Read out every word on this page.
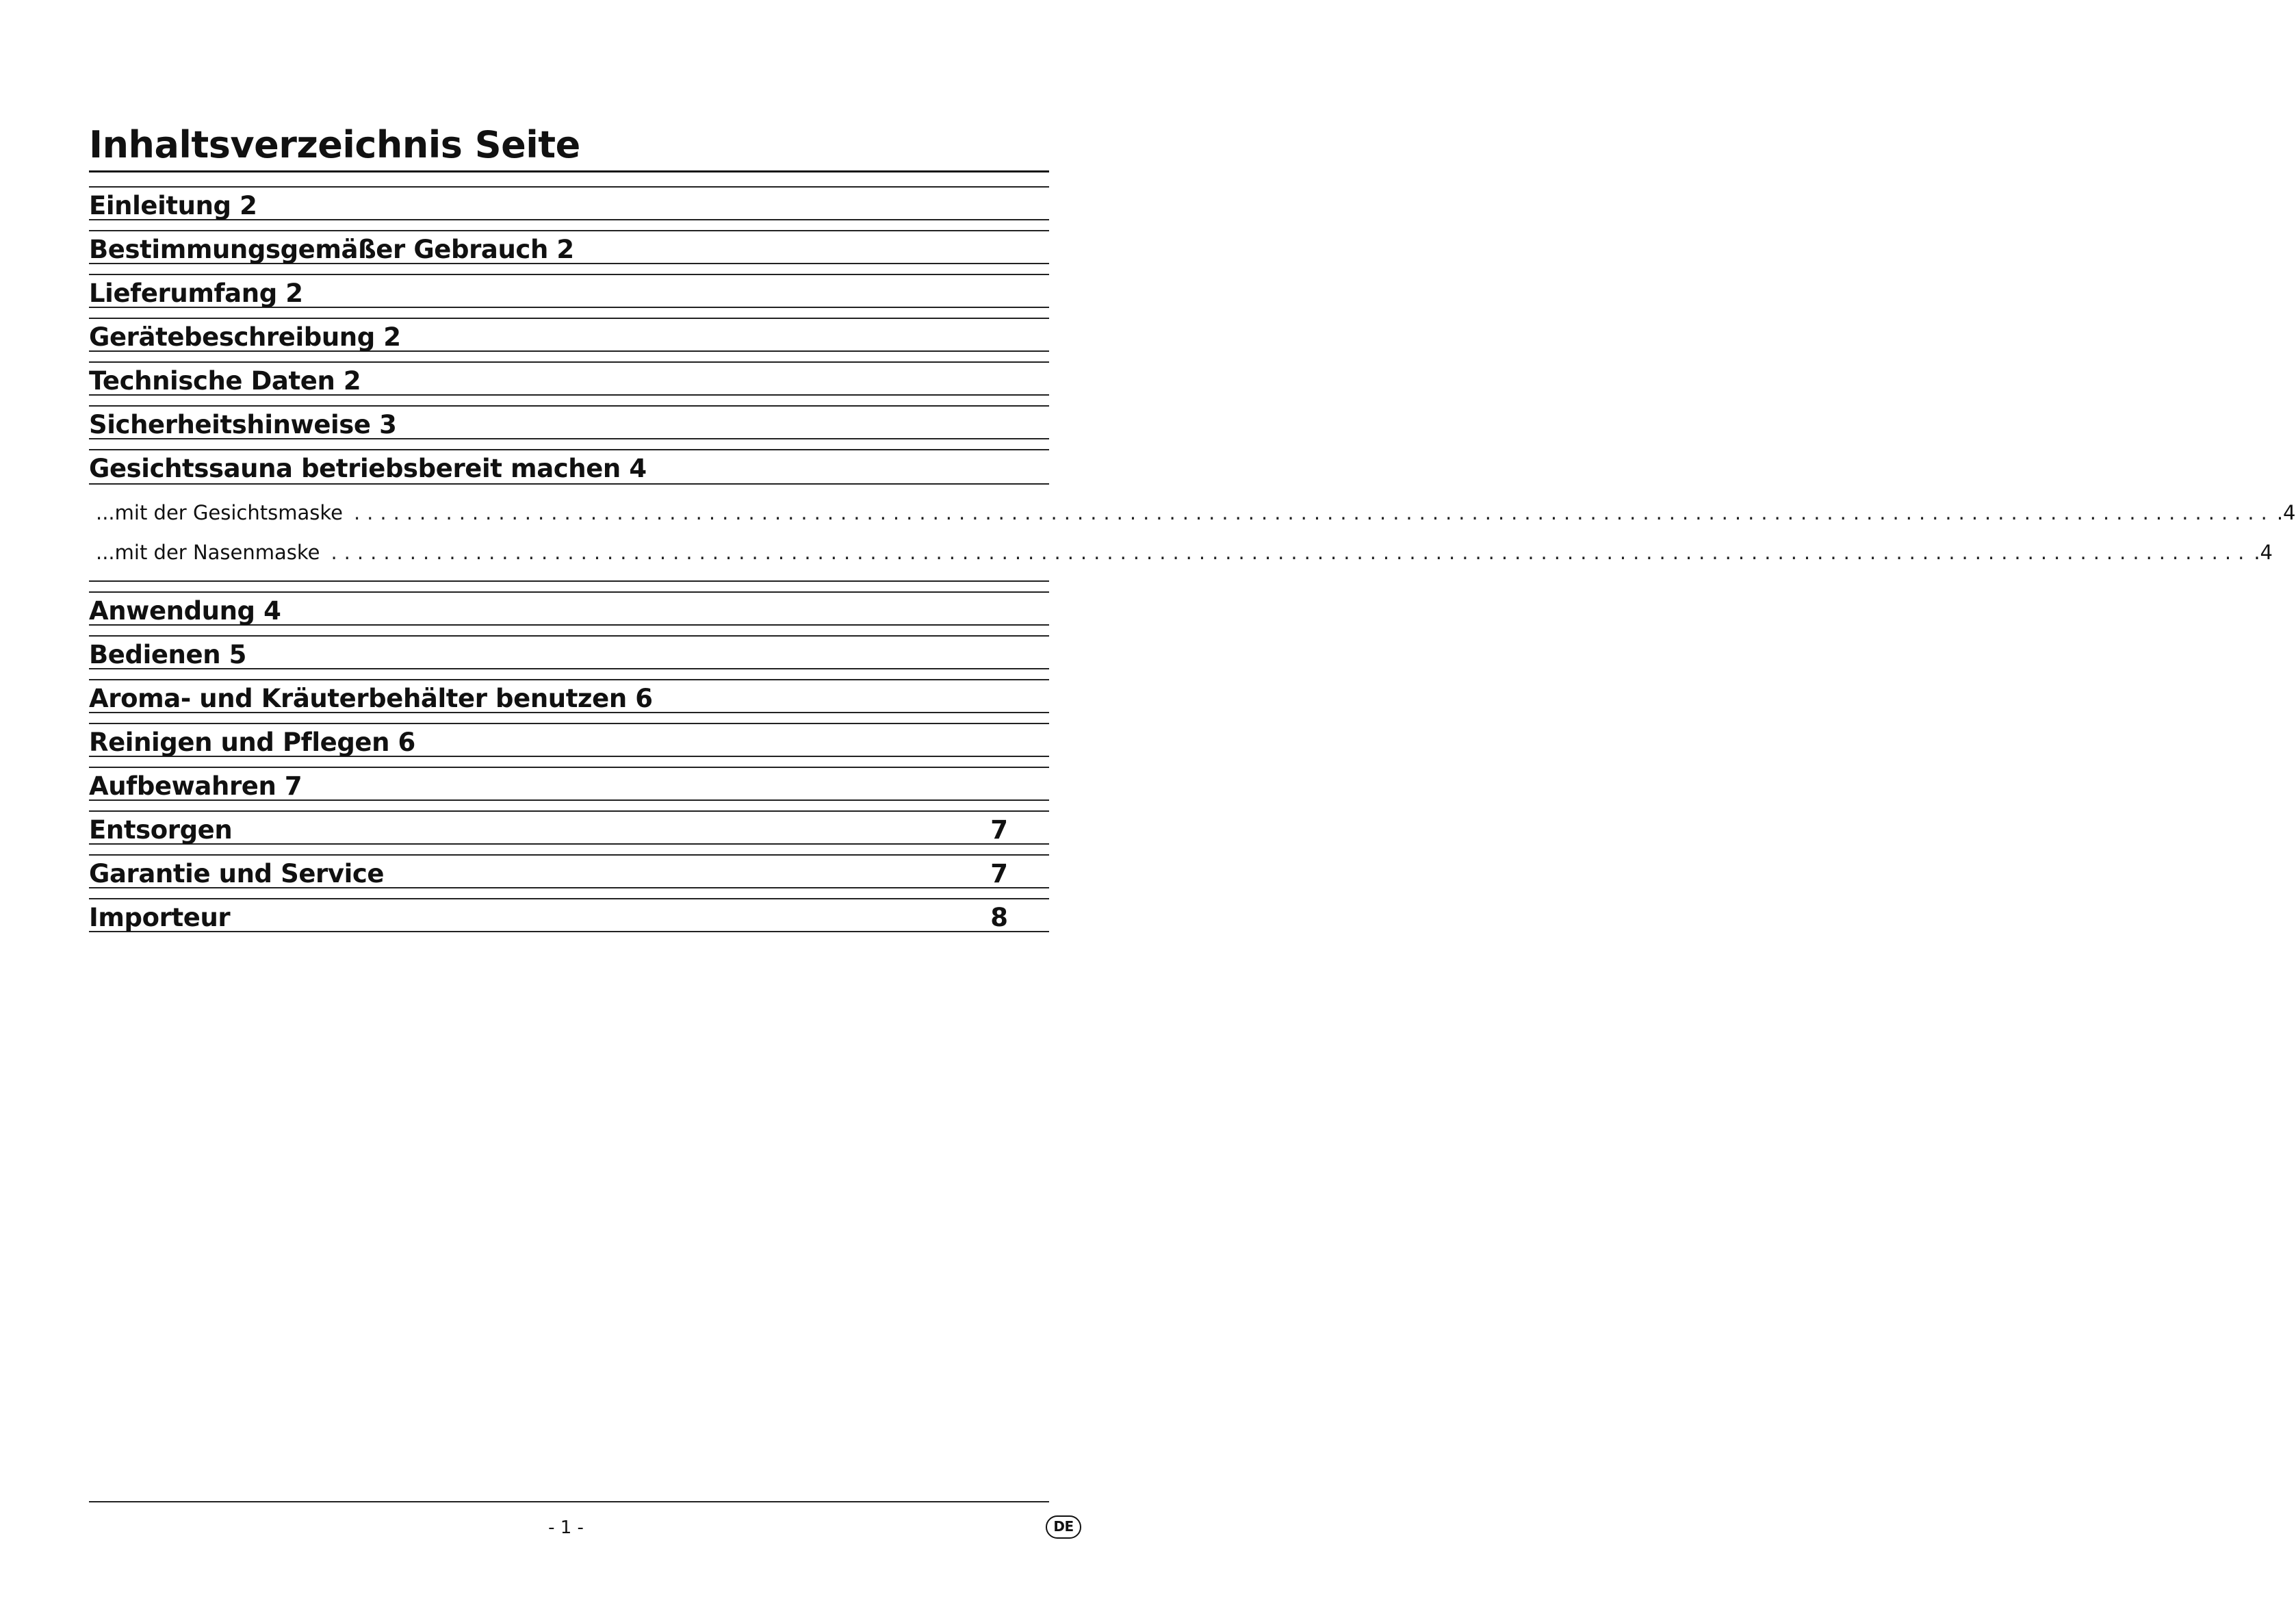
Inhaltsverzeichnis Seite
Einleitung 2
Bestimmungsgemäßer Gebrauch 2
Lieferumfang 2
Gerätebeschreibung 2
Technische Daten 2
Sicherheitshinweise 3
Gesichtssauna betriebsbereit machen 4
...mit der Gesichtsmaske .................................................................................................................................................. .4
...mit der Nasenmaske .................................................................................................................................................. .4
Anwendung 4
Bedienen 5
Aroma- und Kräuterbehälter benutzen 6
Reinigen und Pflegen 6
Aufbewahren 7
Entsorgen	7
Garantie und Service	7
Importeur	8
- 1 -	DE
